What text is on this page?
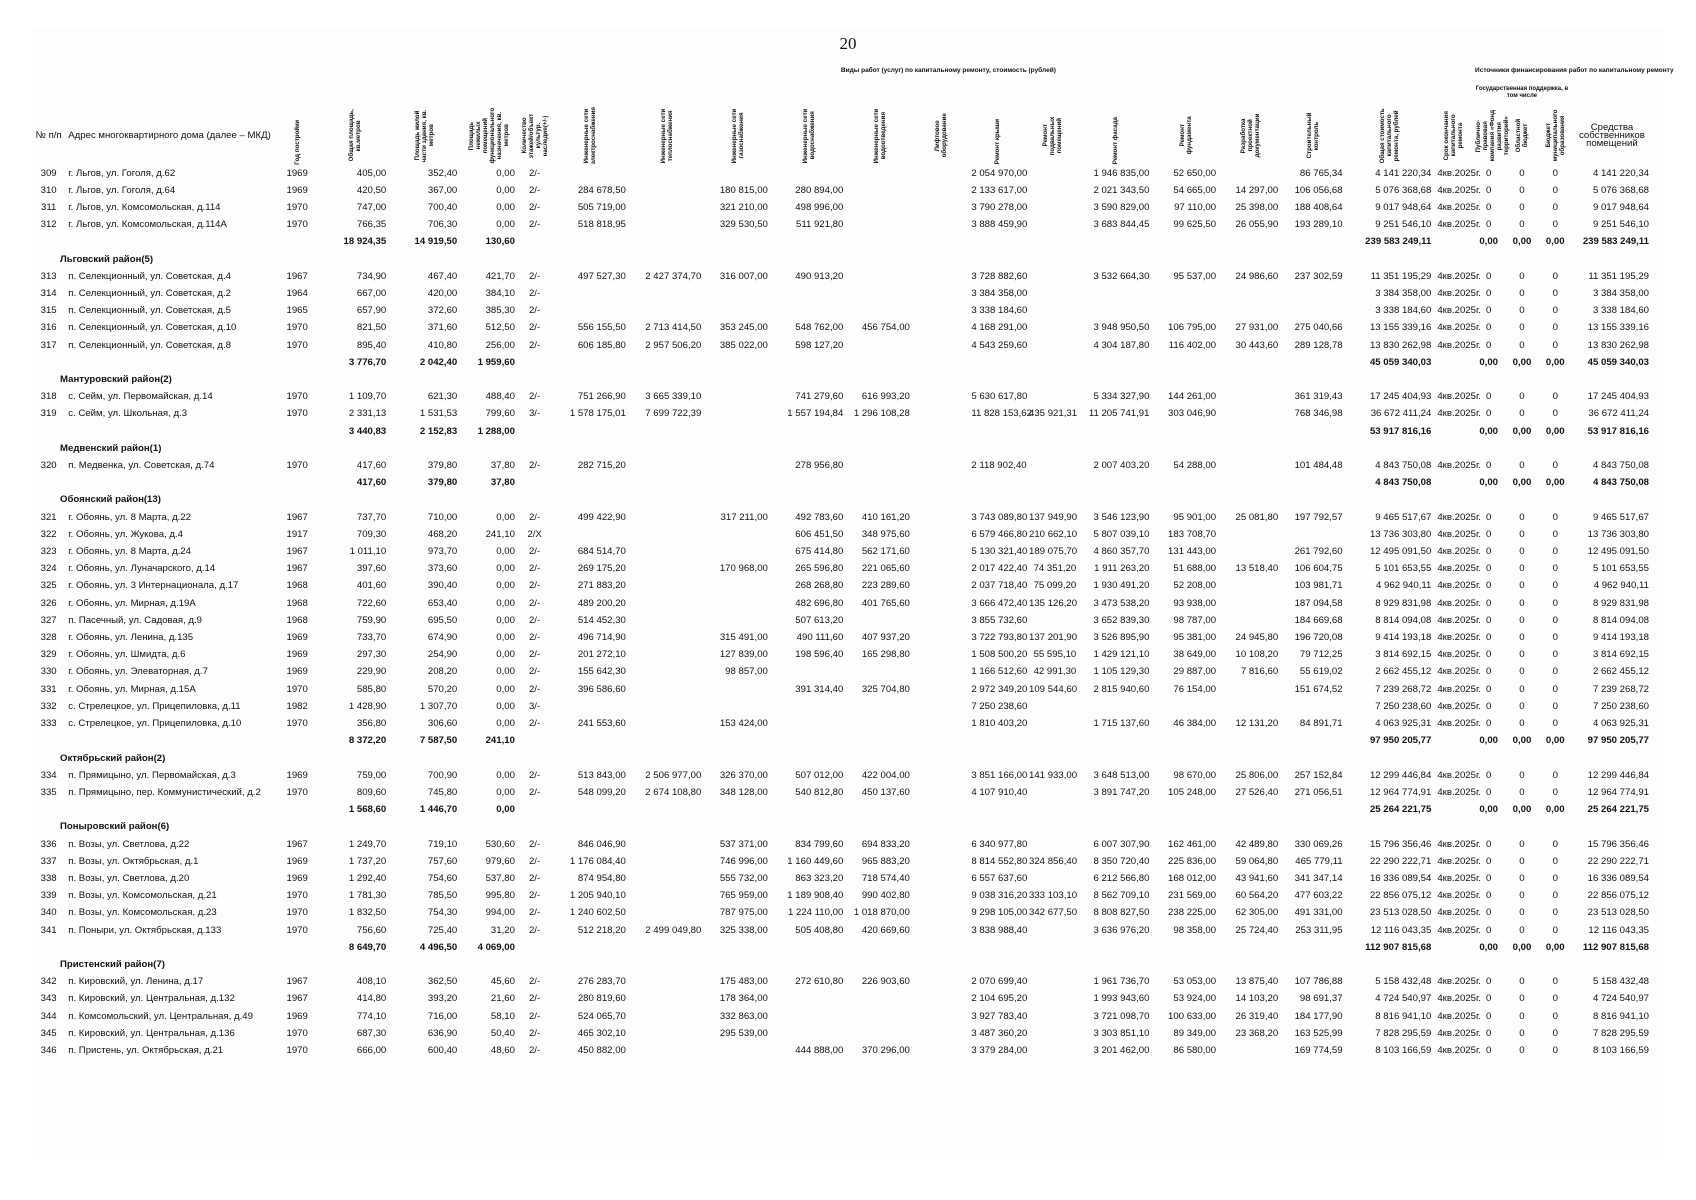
20
							Виды работ (услуг) по капитальному ремонту, стоимость (рублей)														Источники финансирования работ по капитальному ремонту			
																					Государственная поддержка, в том числе			
№ п/п	Адрес многоквартирного дома (далее – МКД)	Год постройки	Общая площадь, кв.метров	Площадь жилой части здания, кв. метров	Площадь нежилых помещений функционального назначения, кв. метров	Количество этажей/объект культур. наследия(+/-)	Инженерные сети электроснабжения	Инженерные сети теплоснабжения	Инженерные сети газоснабжения	Инженерные сети водоснабжения	Инженерные сети водоотведения	Лифтовое оборудование	Ремонт крыши	Ремонт подвальных помещений	Ремонт фасада	Ремонт фундамента	Разработка проектной документации	Строительный контроль	Общая стоимость капитального ремонта, рублей	Срок окончания капитального ремонта	Публично-правовая компания «Фонд развития территорий»	Областной бюджет	Бюджет муниципального образования	Средства собственников помещений
309	г. Льгов, ул. Гоголя, д.62	1969	405,00	352,40	0,00	2/-							2 054 970,00		1 946 835,00	52 650,00		86 765,34	4 141 220,34	4кв.2025г.	0	0	0	4 141 220,34
310	г. Льгов, ул. Гоголя, д.64	1969	420,50	367,00	0,00	2/-	284 678,50		180 815,00	280 894,00			2 133 617,00		2 021 343,50	54 665,00	14 297,00	106 056,68	5 076 368,68	4кв.2025г.	0	0	0	5 076 368,68
311	г. Льгов, ул. Комсомольская, д.114	1970	747,00	700,40	0,00	2/-	505 719,00		321 210,00	498 996,00			3 790 278,00		3 590 829,00	97 110,00	25 398,00	188 408,64	9 017 948,64	4кв.2025г.	0	0	0	9 017 948,64
312	г. Льгов, ул. Комсомольская, д.114А	1970	766,35	706,30	0,00	2/-	518 818,95		329 530,50	511 921,80			3 888 459,90		3 683 844,45	99 625,50	26 055,90	193 289,10	9 251 546,10	4кв.2025г.	0	0	0	9 251 546,10
			18 924,35	14 919,50	130,60														239 583 249,11		0,00	0,00	0,00	239 583 249,11
Льговский район(5)																								
313	п. Селекционный, ул. Советская, д.4	1967	734,90	467,40	421,70	2/-	497 527,30	2 427 374,70	316 007,00	490 913,20			3 728 882,60		3 532 664,30	95 537,00	24 986,60	237 302,59	11 351 195,29	4кв.2025г.	0	0	0	11 351 195,29
314	п. Селекционный, ул. Советская, д.2	1964	667,00	420,00	384,10	2/-							3 384 358,00						3 384 358,00	4кв.2025г.	0	0	0	3 384 358,00
315	п. Селекционный, ул. Советская, д.5	1965	657,90	372,60	385,30	2/-							3 338 184,60						3 338 184,60	4кв.2025г.	0	0	0	3 338 184,60
316	п. Селекционный, ул. Советская, д.10	1970	821,50	371,60	512,50	2/-	556 155,50	2 713 414,50	353 245,00	548 762,00	456 754,00		4 168 291,00		3 948 950,50	106 795,00	27 931,00	275 040,66	13 155 339,16	4кв.2025г.	0	0	0	13 155 339,16
317	п. Селекционный, ул. Советская, д.8	1970	895,40	410,80	256,00	2/-	606 185,80	2 957 506,20	385 022,00	598 127,20			4 543 259,60		4 304 187,80	116 402,00	30 443,60	289 128,78	13 830 262,98	4кв.2025г.	0	0	0	13 830 262,98
			3 776,70	2 042,40	1 959,60														45 059 340,03		0,00	0,00	0,00	45 059 340,03
Мантуровский район(2)																								
318	с. Сейм, ул. Первомайская, д.14	1970	1 109,70	621,30	488,40	2/-	751 266,90	3 665 339,10		741 279,60	616 993,20		5 630 617,80		5 334 327,90	144 261,00		361 319,43	17 245 404,93	4кв.2025г.	0	0	0	17 245 404,93
319	с. Сейм, ул. Школьная, д.3	1970	2 331,13	1 531,53	799,60	3/-	1 578 175,01	7 699 722,39		1 557 194,84	1 296 108,28		11 828 153,62	435 921,31	11 205 741,91	303 046,90		768 346,98	36 672 411,24	4кв.2025г.	0	0	0	36 672 411,24
			3 440,83	2 152,83	1 288,00														53 917 816,16		0,00	0,00	0,00	53 917 816,16
Медвенский район(1)																								
320	п. Медвенка, ул. Советская, д.74	1970	417,60	379,80	37,80	2/-	282 715,20			278 956,80			2 118 902,40		2 007 403,20	54 288,00		101 484,48	4 843 750,08	4кв.2025г.	0	0	0	4 843 750,08
			417,60	379,80	37,80														4 843 750,08		0,00	0,00	0,00	4 843 750,08
Обоянский район(13)																								
321	г. Обоянь, ул. 8 Марта, д.22	1967	737,70	710,00	0,00	2/-	499 422,90		317 211,00	492 783,60	410 161,20		3 743 089,80	137 949,90	3 546 123,90	95 901,00	25 081,80	197 792,57	9 465 517,67	4кв.2025г.	0	0	0	9 465 517,67
322	г. Обоянь, ул. Жукова, д.4	1917	709,30	468,20	241,10	2/Х				606 451,50	348 975,60		6 579 466,80	210 662,10	5 807 039,10	183 708,70			13 736 303,80	4кв.2025г.	0	0	0	13 736 303,80
323	г. Обоянь, ул. 8 Марта, д.24	1967	1 011,10	973,70	0,00	2/-	684 514,70			675 414,80	562 171,60		5 130 321,40	189 075,70	4 860 357,70	131 443,00		261 792,60	12 495 091,50	4кв.2025г.	0	0	0	12 495 091,50
324	г. Обоянь, ул. Луначарского, д.14	1967	397,60	373,60	0,00	2/-	269 175,20		170 968,00	265 596,80	221 065,60		2 017 422,40	74 351,20	1 911 263,20	51 688,00	13 518,40	106 604,75	5 101 653,55	4кв.2025г.	0	0	0	5 101 653,55
325	г. Обоянь, ул. 3 Интернационала, д.17	1968	401,60	390,40	0,00	2/-	271 883,20			268 268,80	223 289,60		2 037 718,40	75 099,20	1 930 491,20	52 208,00		103 981,71	4 962 940,11	4кв.2025г.	0	0	0	4 962 940,11
326	г. Обоянь, ул. Мирная, д.19А	1968	722,60	653,40	0,00	2/-	489 200,20			482 696,80	401 765,60		3 666 472,40	135 126,20	3 473 538,20	93 938,00		187 094,58	8 929 831,98	4кв.2025г.	0	0	0	8 929 831,98
327	п. Пасечный, ул. Садовая, д.9	1968	759,90	695,50	0,00	2/-	514 452,30			507 613,20			3 855 732,60		3 652 839,30	98 787,00		184 669,68	8 814 094,08	4кв.2025г.	0	0	0	8 814 094,08
328	г. Обоянь, ул. Ленина, д.135	1969	733,70	674,90	0,00	2/-	496 714,90		315 491,00	490 111,60	407 937,20		3 722 793,80	137 201,90	3 526 895,90	95 381,00	24 945,80	196 720,08	9 414 193,18	4кв.2025г.	0	0	0	9 414 193,18
329	г. Обоянь, ул. Шмидта, д.6	1969	297,30	254,90	0,00	2/-	201 272,10		127 839,00	198 596,40	165 298,80		1 508 500,20	55 595,10	1 429 121,10	38 649,00	10 108,20	79 712,25	3 814 692,15	4кв.2025г.	0	0	0	3 814 692,15
330	г. Обоянь, ул. Элеваторная, д.7	1969	229,90	208,20	0,00	2/-	155 642,30		98 857,00				1 166 512,60	42 991,30	1 105 129,30	29 887,00	7 816,60	55 619,02	2 662 455,12	4кв.2025г.	0	0	0	2 662 455,12
331	г. Обоянь, ул. Мирная, д.15А	1970	585,80	570,20	0,00	2/-	396 586,60			391 314,40	325 704,80		2 972 349,20	109 544,60	2 815 940,60	76 154,00		151 674,52	7 239 268,72	4кв.2025г.	0	0	0	7 239 268,72
332	с. Стрелецкое, ул. Прицепиловка, д.11	1982	1 428,90	1 307,70	0,00	3/-							7 250 238,60						7 250 238,60	4кв.2025г.	0	0	0	7 250 238,60
333	с. Стрелецкое, ул. Прицепиловка, д.10	1970	356,80	306,60	0,00	2/-	241 553,60		153 424,00				1 810 403,20		1 715 137,60	46 384,00	12 131,20	84 891,71	4 063 925,31	4кв.2025г.	0	0	0	4 063 925,31
			8 372,20	7 587,50	241,10														97 950 205,77		0,00	0,00	0,00	97 950 205,77
Октябрьский район(2)																								
334	п. Прямицыно, ул. Первомайская, д.3	1969	759,00	700,90	0,00	2/-	513 843,00	2 506 977,00	326 370,00	507 012,00	422 004,00		3 851 166,00	141 933,00	3 648 513,00	98 670,00	25 806,00	257 152,84	12 299 446,84	4кв.2025г.	0	0	0	12 299 446,84
335	п. Прямицыно, пер. Коммунистический, д.2	1970	809,60	745,80	0,00	2/-	548 099,20	2 674 108,80	348 128,00	540 812,80	450 137,60		4 107 910,40		3 891 747,20	105 248,00	27 526,40	271 056,51	12 964 774,91	4кв.2025г.	0	0	0	12 964 774,91
			1 568,60	1 446,70	0,00														25 264 221,75		0,00	0,00	0,00	25 264 221,75
Поныровский район(6)																								
336	п. Возы, ул. Светлова, д.22	1967	1 249,70	719,10	530,60	2/-	846 046,90		537 371,00	834 799,60	694 833,20		6 340 977,80		6 007 307,90	162 461,00	42 489,80	330 069,26	15 796 356,46	4кв.2025г.	0	0	0	15 796 356,46
337	п. Возы, ул. Октябрьская, д.1	1969	1 737,20	757,60	979,60	2/-	1 176 084,40		746 996,00	1 160 449,60	965 883,20		8 814 552,80	324 856,40	8 350 720,40	225 836,00	59 064,80	465 779,11	22 290 222,71	4кв.2025г.	0	0	0	22 290 222,71
338	п. Возы, ул. Светлова, д.20	1969	1 292,40	754,60	537,80	2/-	874 954,80		555 732,00	863 323,20	718 574,40		6 557 637,60		6 212 566,80	168 012,00	43 941,60	341 347,14	16 336 089,54	4кв.2025г.	0	0	0	16 336 089,54
339	п. Возы, ул. Комсомольская, д.21	1970	1 781,30	785,50	995,80	2/-	1 205 940,10		765 959,00	1 189 908,40	990 402,80		9 038 316,20	333 103,10	8 562 709,10	231 569,00	60 564,20	477 603,22	22 856 075,12	4кв.2025г.	0	0	0	22 856 075,12
340	п. Возы, ул. Комсомольская, д.23	1970	1 832,50	754,30	994,00	2/-	1 240 602,50		787 975,00	1 224 110,00	1 018 870,00		9 298 105,00	342 677,50	8 808 827,50	238 225,00	62 305,00	491 331,00	23 513 028,50	4кв.2025г.	0	0	0	23 513 028,50
341	п. Поныри, ул. Октябрьская, д.133	1970	756,60	725,40	31,20	2/-	512 218,20	2 499 049,80	325 338,00	505 408,80	420 669,60		3 838 988,40		3 636 976,20	98 358,00	25 724,40	253 311,95	12 116 043,35	4кв.2025г.	0	0	0	12 116 043,35
			8 649,70	4 496,50	4 069,00														112 907 815,68		0,00	0,00	0,00	112 907 815,68
Пристенский район(7)																								
342	п. Кировский, ул. Ленина, д.17	1967	408,10	362,50	45,60	2/-	276 283,70		175 483,00	272 610,80	226 903,60		2 070 699,40		1 961 736,70	53 053,00	13 875,40	107 786,88	5 158 432,48	4кв.2025г.	0	0	0	5 158 432,48
343	п. Кировский, ул. Центральная, д.132	1967	414,80	393,20	21,60	2/-	280 819,60		178 364,00				2 104 695,20		1 993 943,60	53 924,00	14 103,20	98 691,37	4 724 540,97	4кв.2025г.	0	0	0	4 724 540,97
344	п. Комсомольский, ул. Центральная, д.49	1969	774,10	716,00	58,10	2/-	524 065,70		332 863,00				3 927 783,40		3 721 098,70	100 633,00	26 319,40	184 177,90	8 816 941,10	4кв.2025г.	0	0	0	8 816 941,10
345	п. Кировский, ул. Центральная, д.136	1970	687,30	636,90	50,40	2/-	465 302,10		295 539,00				3 487 360,20		3 303 851,10	89 349,00	23 368,20	163 525,99	7 828 295,59	4кв.2025г.	0	0	0	7 828 295,59
346	п. Пристень, ул. Октябрьская, д.21	1970	666,00	600,40	48,60	2/-	450 882,00			444 888,00	370 296,00		3 379 284,00		3 201 462,00	86 580,00		169 774,59	8 103 166,59	4кв.2025г.	0	0	0	8 103 166,59
